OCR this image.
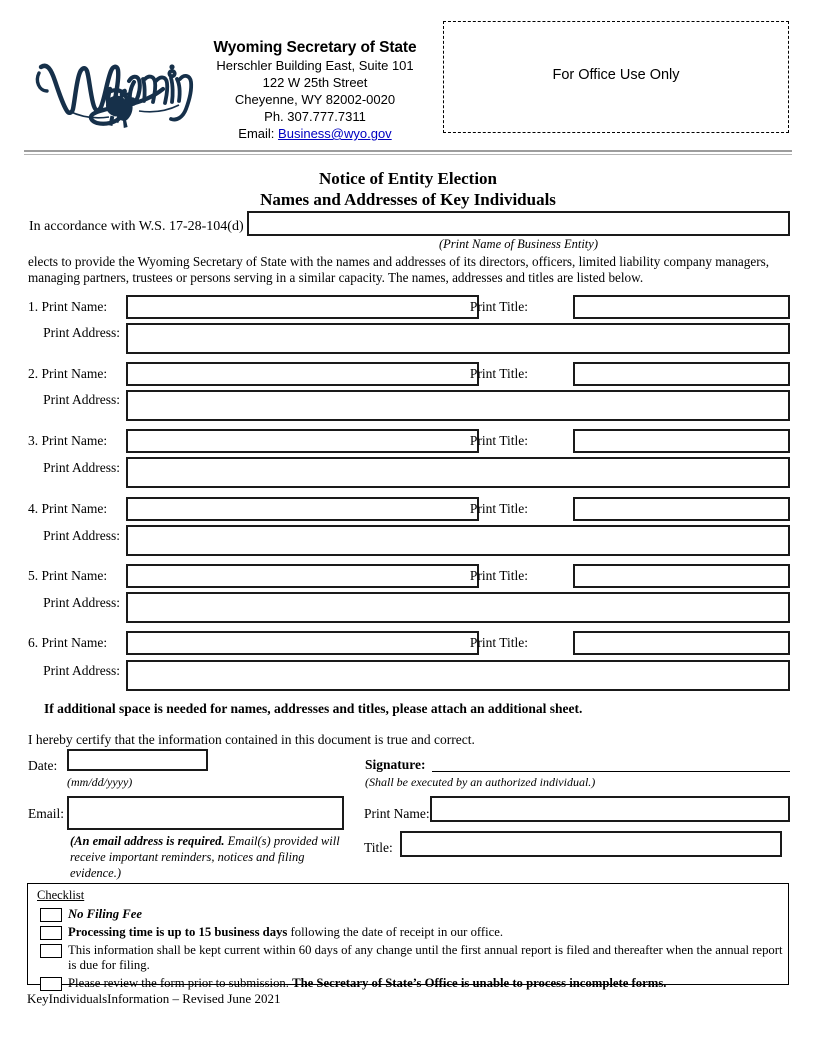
Wyoming Secretary of State
Herschler Building East, Suite 101
122 W 25th Street
Cheyenne, WY 82002-0020
Ph. 307.777.7311
Email: Business@wyo.gov
For Office Use Only
Notice of Entity Election
Names and Addresses of Key Individuals
In accordance with W.S. 17-28-104(d)
(Print Name of Business Entity)
elects to provide the Wyoming Secretary of State with the names and addresses of its directors, officers, limited liability company managers, managing partners, trustees or persons serving in a similar capacity. The names, addresses and titles are listed below.
1. Print Name:	Print Title:
Print Address:
2. Print Name:	Print Title:
Print Address:
3. Print Name:	Print Title:
Print Address:
4. Print Name:	Print Title:
Print Address:
5. Print Name:	Print Title:
Print Address:
6. Print Name:	Print Title:
Print Address:
If additional space is needed for names, addresses and titles, please attach an additional sheet.
I hereby certify that the information contained in this document is true and correct.
Date:
(mm/dd/yyyy)
Signature:
(Shall be executed by an authorized individual.)
Email:
(An email address is required. Email(s) provided will receive important reminders, notices and filing evidence.)
Print Name:
Title:
Checklist
No Filing Fee
Processing time is up to 15 business days following the date of receipt in our office.
This information shall be kept current within 60 days of any change until the first annual report is filed and thereafter when the annual report is due for filing.
Please review the form prior to submission. The Secretary of State’s Office is unable to process incomplete forms.
KeyIndividualsInformation – Revised June 2021
